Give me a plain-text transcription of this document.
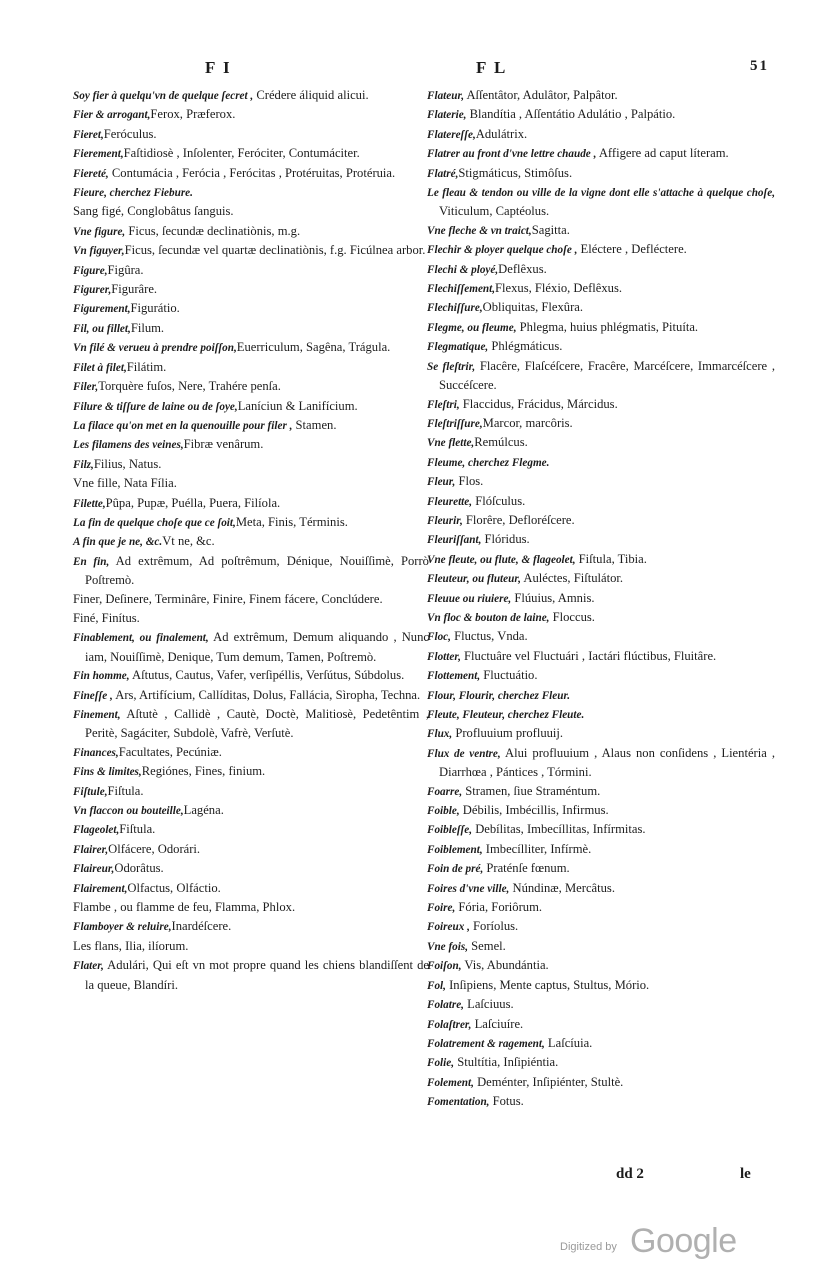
F I	F L	51

Soy fier à quelqu'vn de quelque ſecret , Crédere áliquid alicui.

Fier & arrogant,Ferox, Præferox.

Fieret,Feróculus.

Fierement,Faſtidiosè , Inſolenter, Feróciter, Contumáciter.

Fiereté, Contumácia , Ferócia , Ferócitas , Protéruitas, Protéruia.

Fieure, cherchez Fiebure.

Sang figé, Conglobâtus ſanguis.

Vne figure, Ficus, ſecundæ declinatiònis, m.g.

Vn figuyer,Ficus, ſecundæ vel quartæ declinatiònis, f.g. Ficúlnea arbor.

Figure,Figûra.

Figurer,Figurâre.

Figurement,Figurátio.

Fil, ou fillet,Filum.

Vn filé & verueu à prendre poiſſon,Euerriculum, Sagêna, Trágula.

Filet à filet,Filátim.

Filer,Torquère fuſos, Nere, Trahére penſa.

Filure & tiſſure de laine ou de ſoye,Laníciun & Lanifícium.

La filace qu'on met en la quenouille pour filer , Stamen.

Les filamens des veines,Fibræ venârum.

Filz,Filius, Natus.

Vne fille, Nata Fília.

Filette,Pûpa, Pupæ, Puélla, Puera, Filíola.

La fin de quelque choſe que ce ſoit,Meta, Finis, Términis.

A fin que je ne, &c.Vt ne, &c.

En fin, Ad extrêmum, Ad poſtrêmum, Dénique, Nouiſſimè, Porrò Poſtremò.

Finer, Deſinere, Terminâre, Finire, Finem fácere, Conclúdere.

Finé, Finítus.

Finablement, ou finalement, Ad extrêmum, Demum aliquando , Nunc iam, Nouiſſimè, Denique, Tum demum, Tamen, Poſtremò.

Fin homme, Aſtutus, Cautus, Vafer, verſipéllis, Verſútus, Súbdolus.

Fineſſe , Ars, Artifícium, Callíditas, Dolus, Fallácia, Sìropha, Techna.

Finement, Aſtutè , Callidè , Cautè, Doctè, Malitiosè, Pedetêntim , Peritè, Sagáciter, Subdolè, Vafrè, Verſutè.

Finances,Facultates, Pecúniæ.

Fins & limites,Regiónes, Fines, finium.

Fiſtule,Fiſtula.

Vn flaccon ou bouteille,Lagéna.

Flageolet,Fiſtula.

Flairer,Olfácere, Odorári.

Flaireur,Odorâtus.

Flairement,Olfactus, Olfáctio.

Flambe , ou flamme de feu, Flamma, Phlox.

Flamboyer & reluire,Inardéſcere.

Les flans, Ilia, ilíorum.

Flater, Adulári, Qui eſt vn mot propre quand les chiens blandiſſent de la queue, Blandíri.

Flateur, Aſſentâtor, Adulâtor, Palpâtor.

Flaterie, Blandítia , Aſſentátio Adulátio , Palpátio.

Flatereſſe,Adulátrix.

Flatrer au front d'vne lettre chaude , Affigere ad caput líteram.

Flatré,Stigmáticus, Stimôſus.

Le fleau & tendon ou ville de la vigne dont elle s'attache à quelque choſe, Viticulum, Captéolus.

Vne fleche & vn traict,Sagitta.

Flechir & ployer quelque choſe , Eléctere , Defléctere.

Flechi & ployé,Deflêxus.

Flechiſſement,Flexus, Fléxio, Deflêxus.

Flechiſſure,Obliquitas, Flexûra.

Flegme, ou fleume, Phlegma, huius phlégmatis, Pituíta.

Flegmatique, Phlégmáticus.

Se fleſtrir, Flacêre, Flaſcéſcere, Fracêre, Marcéſcere, Immarcéſcere , Succéſcere.

Fleſtri, Flaccidus, Frácidus, Márcidus.

Fleſtriſſure,Marcor, marcôris.

Vne flette,Remúlcus.

Fleume, cherchez Flegme.

Fleur, Flos.

Fleurette, Flóſculus.

Fleurir, Florêre, Defloréſcere.

Fleuriſſant, Flóridus.

Vne fleute, ou flute, & flageolet, Fiſtula, Tibia.

Fleuteur, ou fluteur, Auléctes, Fiſtulátor.

Fleuue ou riuiere, Flúuius, Amnis.

Vn floc & bouton de laine, Floccus.

Floc, Fluctus, Vnda.

Flotter, Fluctuâre vel Fluctuári , Iactári flúctibus, Fluitâre.

Flottement, Fluctuátio.

Flour, Flourir, cherchez Fleur.

Fleute, Fleuteur, cherchez Fleute.

Flux, Profluuium profluuij.

Flux de ventre, Alui profluuium , Alaus non conſidens , Lientéria , Diarrhœa , Pántices , Tórmini.

Foarre, Stramen, ſiue Straméntum.

Foible, Débilis, Imbécillis, Infirmus.

Foibleſſe, Debílitas, Imbecíllitas, Infírmitas.

Foiblement, Imbecílliter, Infírmè.

Foin de pré, Praténſe fœnum.

Foires d'vne ville, Núndinæ, Mercâtus.

Foire, Fória, Foriôrum.

Foireux , Foríolus.

Vne fois, Semel.

Foiſon, Vis, Abundántia.

Fol, Inſipiens, Mente captus, Stultus, Mório.

Folatre, Laſciuus.

Folaſtrer, Laſciuíre.

Folatrement & ragement, Laſcíuia.

Folie, Stultítia, Inſipiéntia.

Folement, Deménter, Inſipiénter, Stultè.

Fomentation, Fotus.

dd 2	le
Digitized by Google
